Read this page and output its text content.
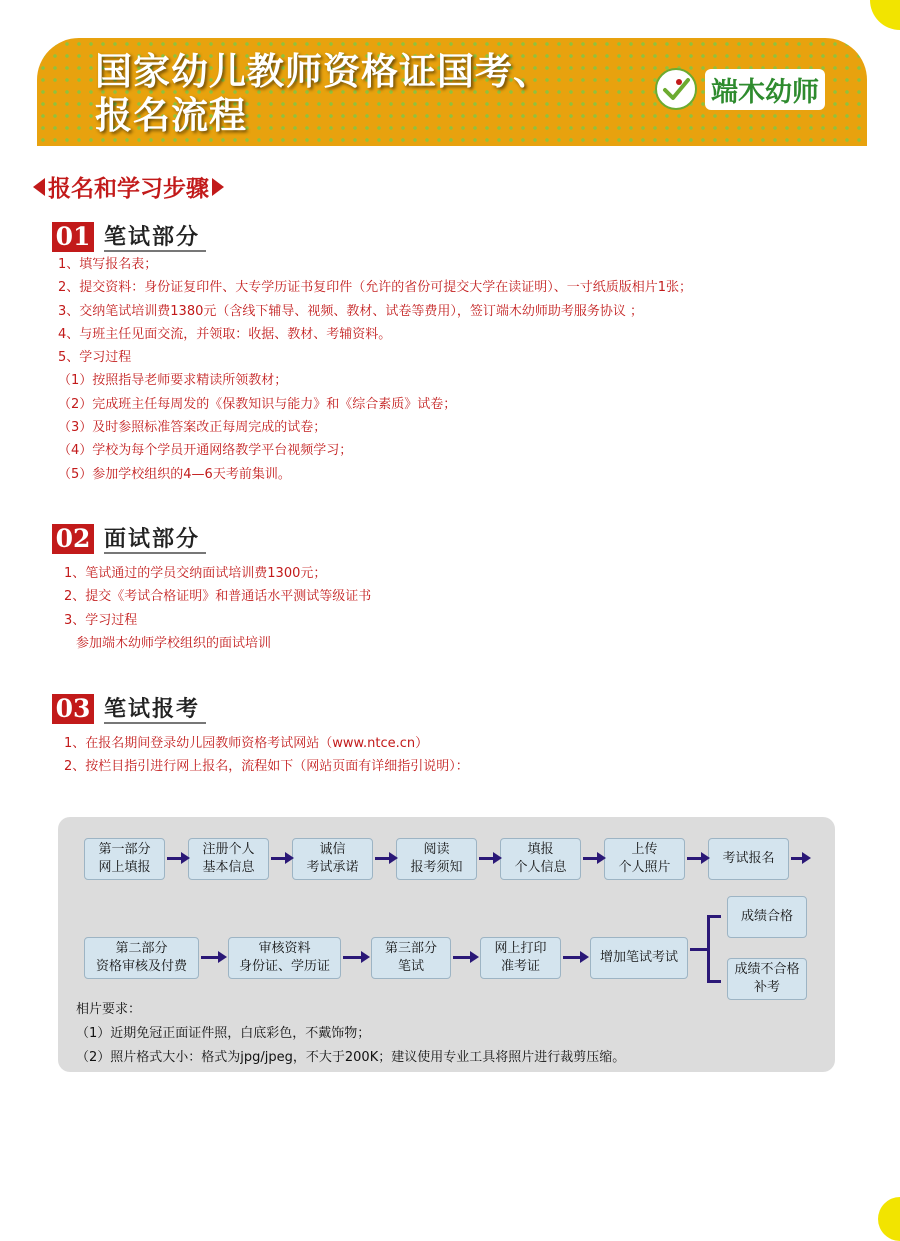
国家幼儿教师资格证国考、
报名流程
端木幼师
报名和学习步骤
01 笔试部分
1、填写报名表；
2、提交资料：身份证复印件、大专学历证书复印件（允许的省份可提交大学在读证明）、一寸纸质版相片1张；
3、交纳笔试培训费1380元（含线下辅导、视频、教材、试卷等费用），签订端木幼师助考服务协议 ；
4、与班主任见面交流，并领取：收据、教材、考辅资料。
5、学习过程
（1）按照指导老师要求精读所领教材；
（2）完成班主任每周发的《保教知识与能力》和《综合素质》试卷；
（3）及时参照标准答案改正每周完成的试卷；
（4）学校为每个学员开通网络教学平台视频学习；
（5）参加学校组织的4—6天考前集训。
02 面试部分
1、笔试通过的学员交纳面试培训费1300元；
2、提交《考试合格证明》和普通话水平测试等级证书
3、学习过程
参加端木幼师学校组织的面试培训
03 笔试报考
1、在报名期间登录幼儿园教师资格考试网站（www.ntce.cn）
2、按栏目指引进行网上报名，流程如下（网站页面有详细指引说明）：
第一部分
网上填报
注册个人
基本信息
诚信
考试承诺
阅读
报考须知
填报
个人信息
上传
个人照片
考试报名
第二部分
资格审核及付费
审核资料
身份证、学历证
第三部分
笔试
网上打印
准考证
增加笔试考试
成绩合格
成绩不合格
补考
相片要求：
（1）近期免冠正面证件照，白底彩色，不戴饰物；
（2）照片格式大小：格式为jpg/jpeg，不大于200K；建议使用专业工具将照片进行裁剪压缩。
